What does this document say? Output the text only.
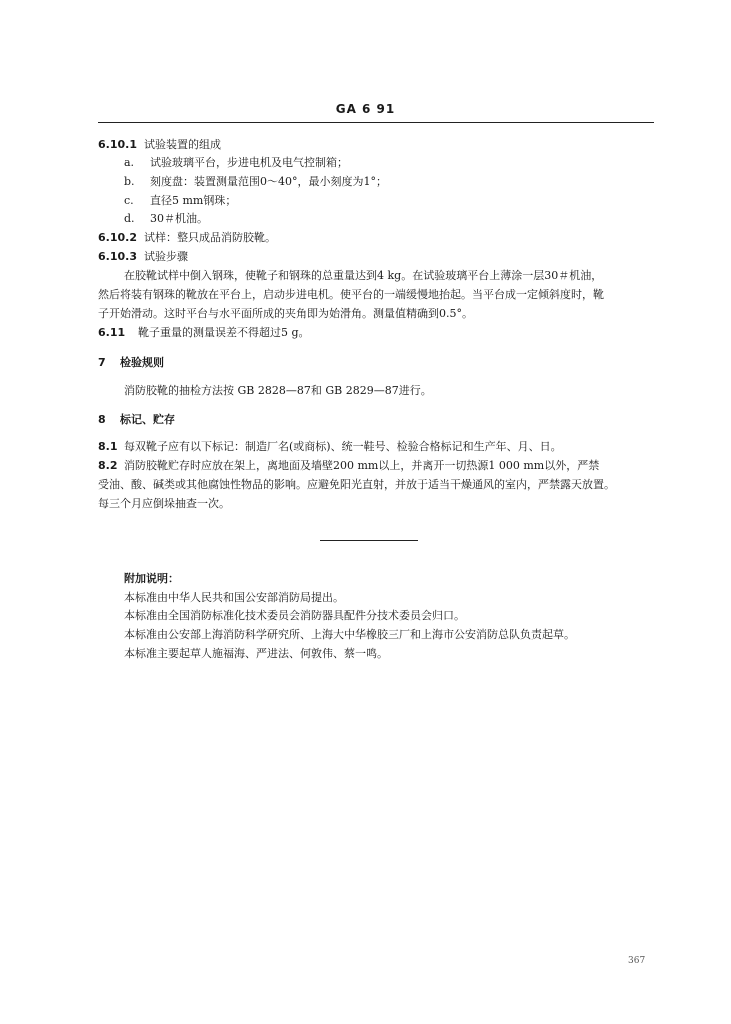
GA 6 91
6.10.1 试验装置的组成
a. 试验玻璃平台，步进电机及电气控制箱；
b. 刻度盘：装置测量范围0～40°，最小刻度为1°；
c. 直径5 mm钢珠；
d. 30＃机油。
6.10.2 试样：整只成品消防胶靴。
6.10.3 试验步骤
在胶靴试样中倒入钢珠，使靴子和钢珠的总重量达到4 kg。在试验玻璃平台上薄涂一层30＃机油，
然后将装有钢珠的靴放在平台上，启动步进电机。使平台的一端缓慢地抬起。当平台成一定倾斜度时，靴
子开始滑动。这时平台与水平面所成的夹角即为始滑角。测量值精确到0.5°。
6.11 靴子重量的测量误差不得超过5 g。
7 检验规则
消防胶靴的抽检方法按 GB 2828—87和 GB 2829—87进行。
8 标记、贮存
8.1 每双靴子应有以下标记：制造厂名(或商标)、统一鞋号、检验合格标记和生产年、月、日。
8.2 消防胶靴贮存时应放在架上，离地面及墙壁200 mm以上，并离开一切热源1 000 mm以外，严禁
受油、酸、碱类或其他腐蚀性物品的影响。应避免阳光直射，并放于适当干燥通风的室内，严禁露天放置。
每三个月应倒垛抽查一次。
附加说明：
本标准由中华人民共和国公安部消防局提出。
本标准由全国消防标准化技术委员会消防器具配件分技术委员会归口。
本标准由公安部上海消防科学研究所、上海大中华橡胶三厂和上海市公安消防总队负责起草。
本标准主要起草人施福海、严进法、何敦伟、蔡一鸣。
367
